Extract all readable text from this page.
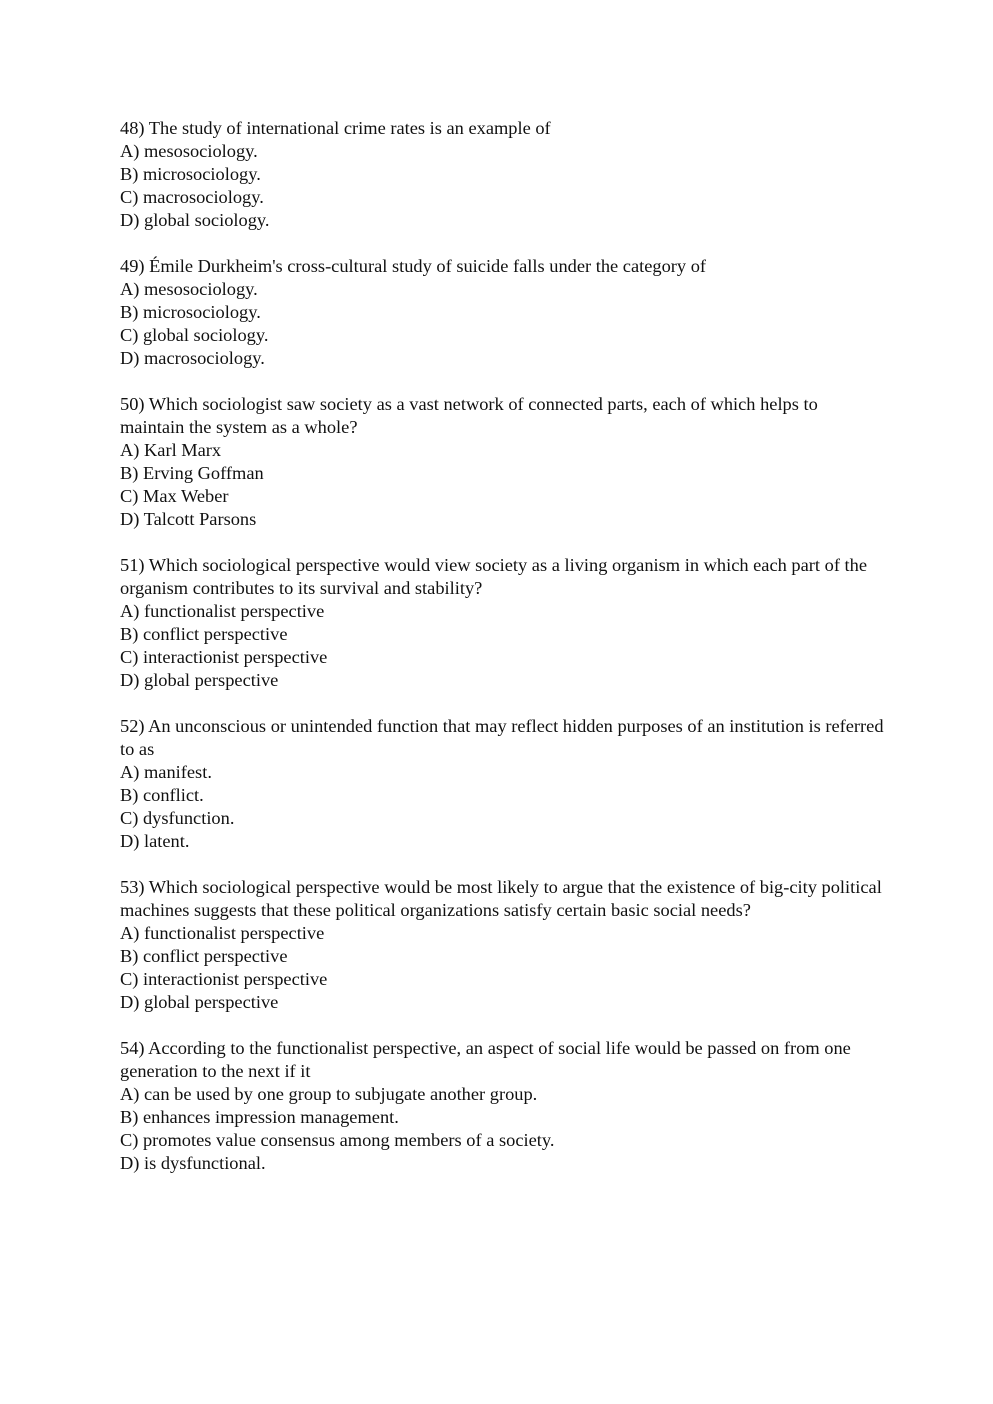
48) The study of international crime rates is an example of

A) mesosociology.

B) microsociology.

C) macrosociology.

D) global sociology.

49) Émile Durkheim's cross-cultural study of suicide falls under the category of

A) mesosociology.

B) microsociology.

C) global sociology.

D) macrosociology.

50) Which sociologist saw society as a vast network of connected parts, each of which helps to maintain the system as a whole?

A) Karl Marx

B) Erving Goffman

C) Max Weber

D) Talcott Parsons

51) Which sociological perspective would view society as a living organism in which each part of the organism contributes to its survival and stability?

A) functionalist perspective

B) conflict perspective

C) interactionist perspective

D) global perspective

52) An unconscious or unintended function that may reflect hidden purposes of an institution is referred to as

A) manifest.

B) conflict.

C) dysfunction.

D) latent.

53) Which sociological perspective would be most likely to argue that the existence of big-city political machines suggests that these political organizations satisfy certain basic social needs?

A) functionalist perspective

B) conflict perspective

C) interactionist perspective

D) global perspective

54) According to the functionalist perspective, an aspect of social life would be passed on from one generation to the next if it

A) can be used by one group to subjugate another group.

B) enhances impression management.

C) promotes value consensus among members of a society.

D) is dysfunctional.
